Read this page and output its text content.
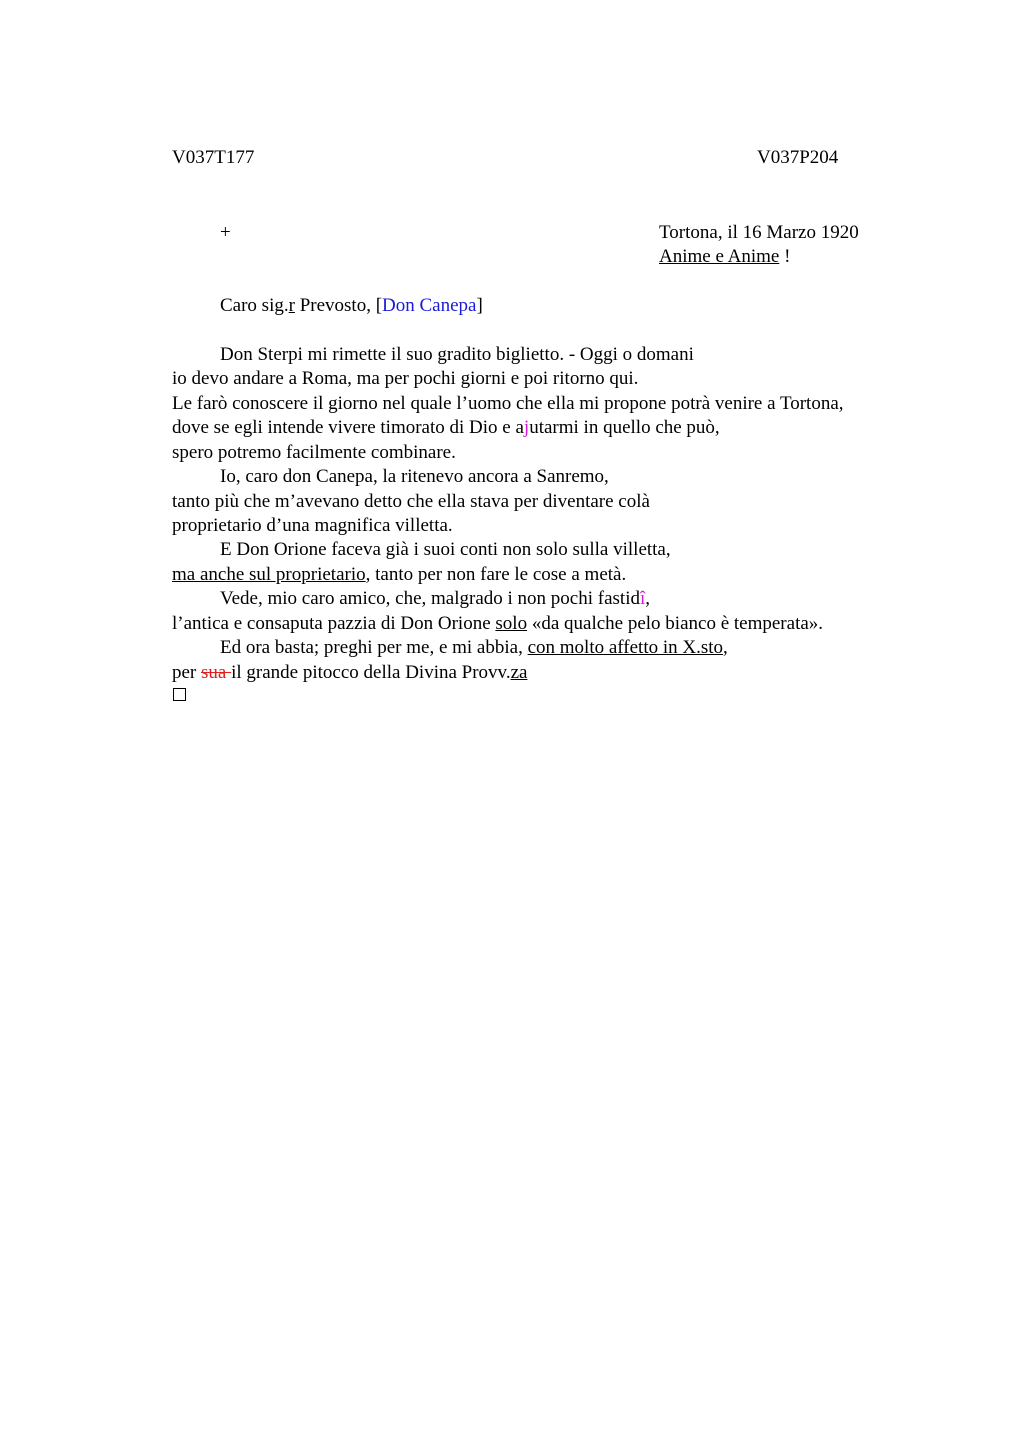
V037T177	V037P204
+	Tortona, il 16 Marzo 1920
Anime e Anime !
Caro sig.r Prevosto, [Don Canepa]
Don Sterpi mi rimette il suo gradito biglietto. - Oggi o domani
io devo andare a Roma, ma per pochi giorni e poi ritorno qui.
Le farò conoscere il giorno nel quale l’uomo che ella mi propone potrà venire a Tortona,
dove se egli intende vivere timorato di Dio e ajutarmi in quello che può,
spero potremo facilmente combinare.
Io, caro don Canepa, la ritenevo ancora a Sanremo,
tanto più che m’avevano detto che ella stava per diventare colà
proprietario d’una magnifica villetta.
E Don Orione faceva già i suoi conti non solo sulla villetta,
ma anche sul proprietario, tanto per non fare le cose a metà.
Vede, mio caro amico, che, malgrado i non pochi fastidî,
l’antica e consaputa pazzia di Don Orione solo «da qualche pelo bianco è temperata».
Ed ora basta; preghi per me, e mi abbia, con molto affetto in X.sto,
per sua il grande pitocco della Divina Provv.za
